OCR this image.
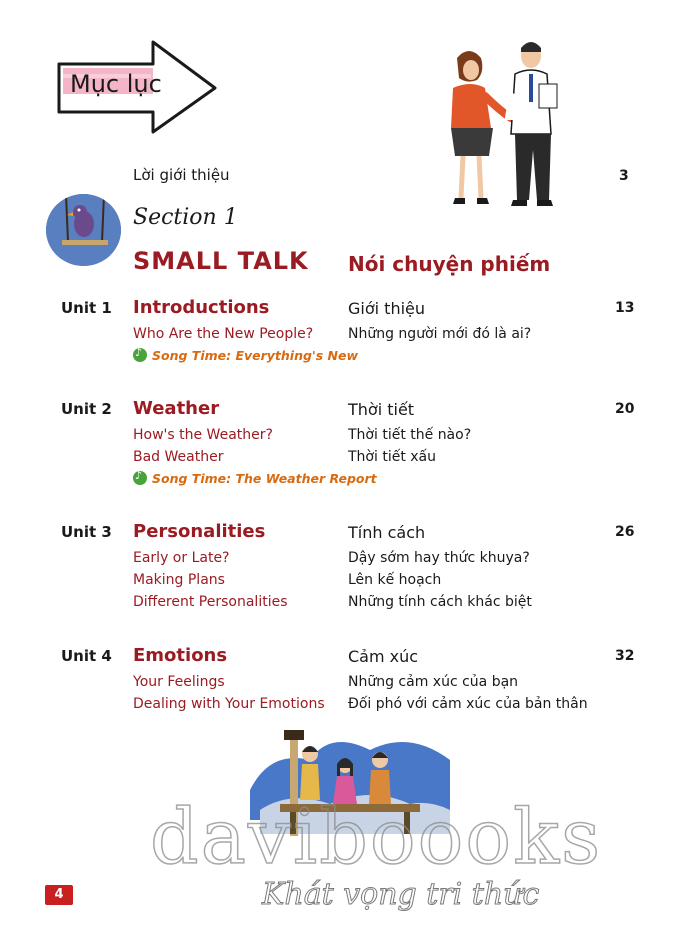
Mục lục
Lời giới thiệu	3
Section 1
SMALL TALK Nói chuyện phiếm
Unit 1 Introductions	Giới thiệu	13
Who Are the New People? Những người mới đó là ai?
♪Song Time: Everything's New
Unit 2 Weather	Thời tiết	20
How's the Weather?	Thời tiết thế nào?
Bad Weather	Thời tiết xấu
♪Song Time: The Weather Report
Unit 3 Personalities	Tính cách	26
Early or Late?	Dậy sớm hay thức khuya?
Making Plans	Lên kế hoạch
Different Personalities	Những tính cách khác biệt
Unit 4 Emotions	Cảm xúc	32
Your Feelings	Những cảm xúc của bạn
Dealing with Your Emotions Đối phó với cảm xúc của bản thân
daviboooks
Khát vọng tri thức
4
